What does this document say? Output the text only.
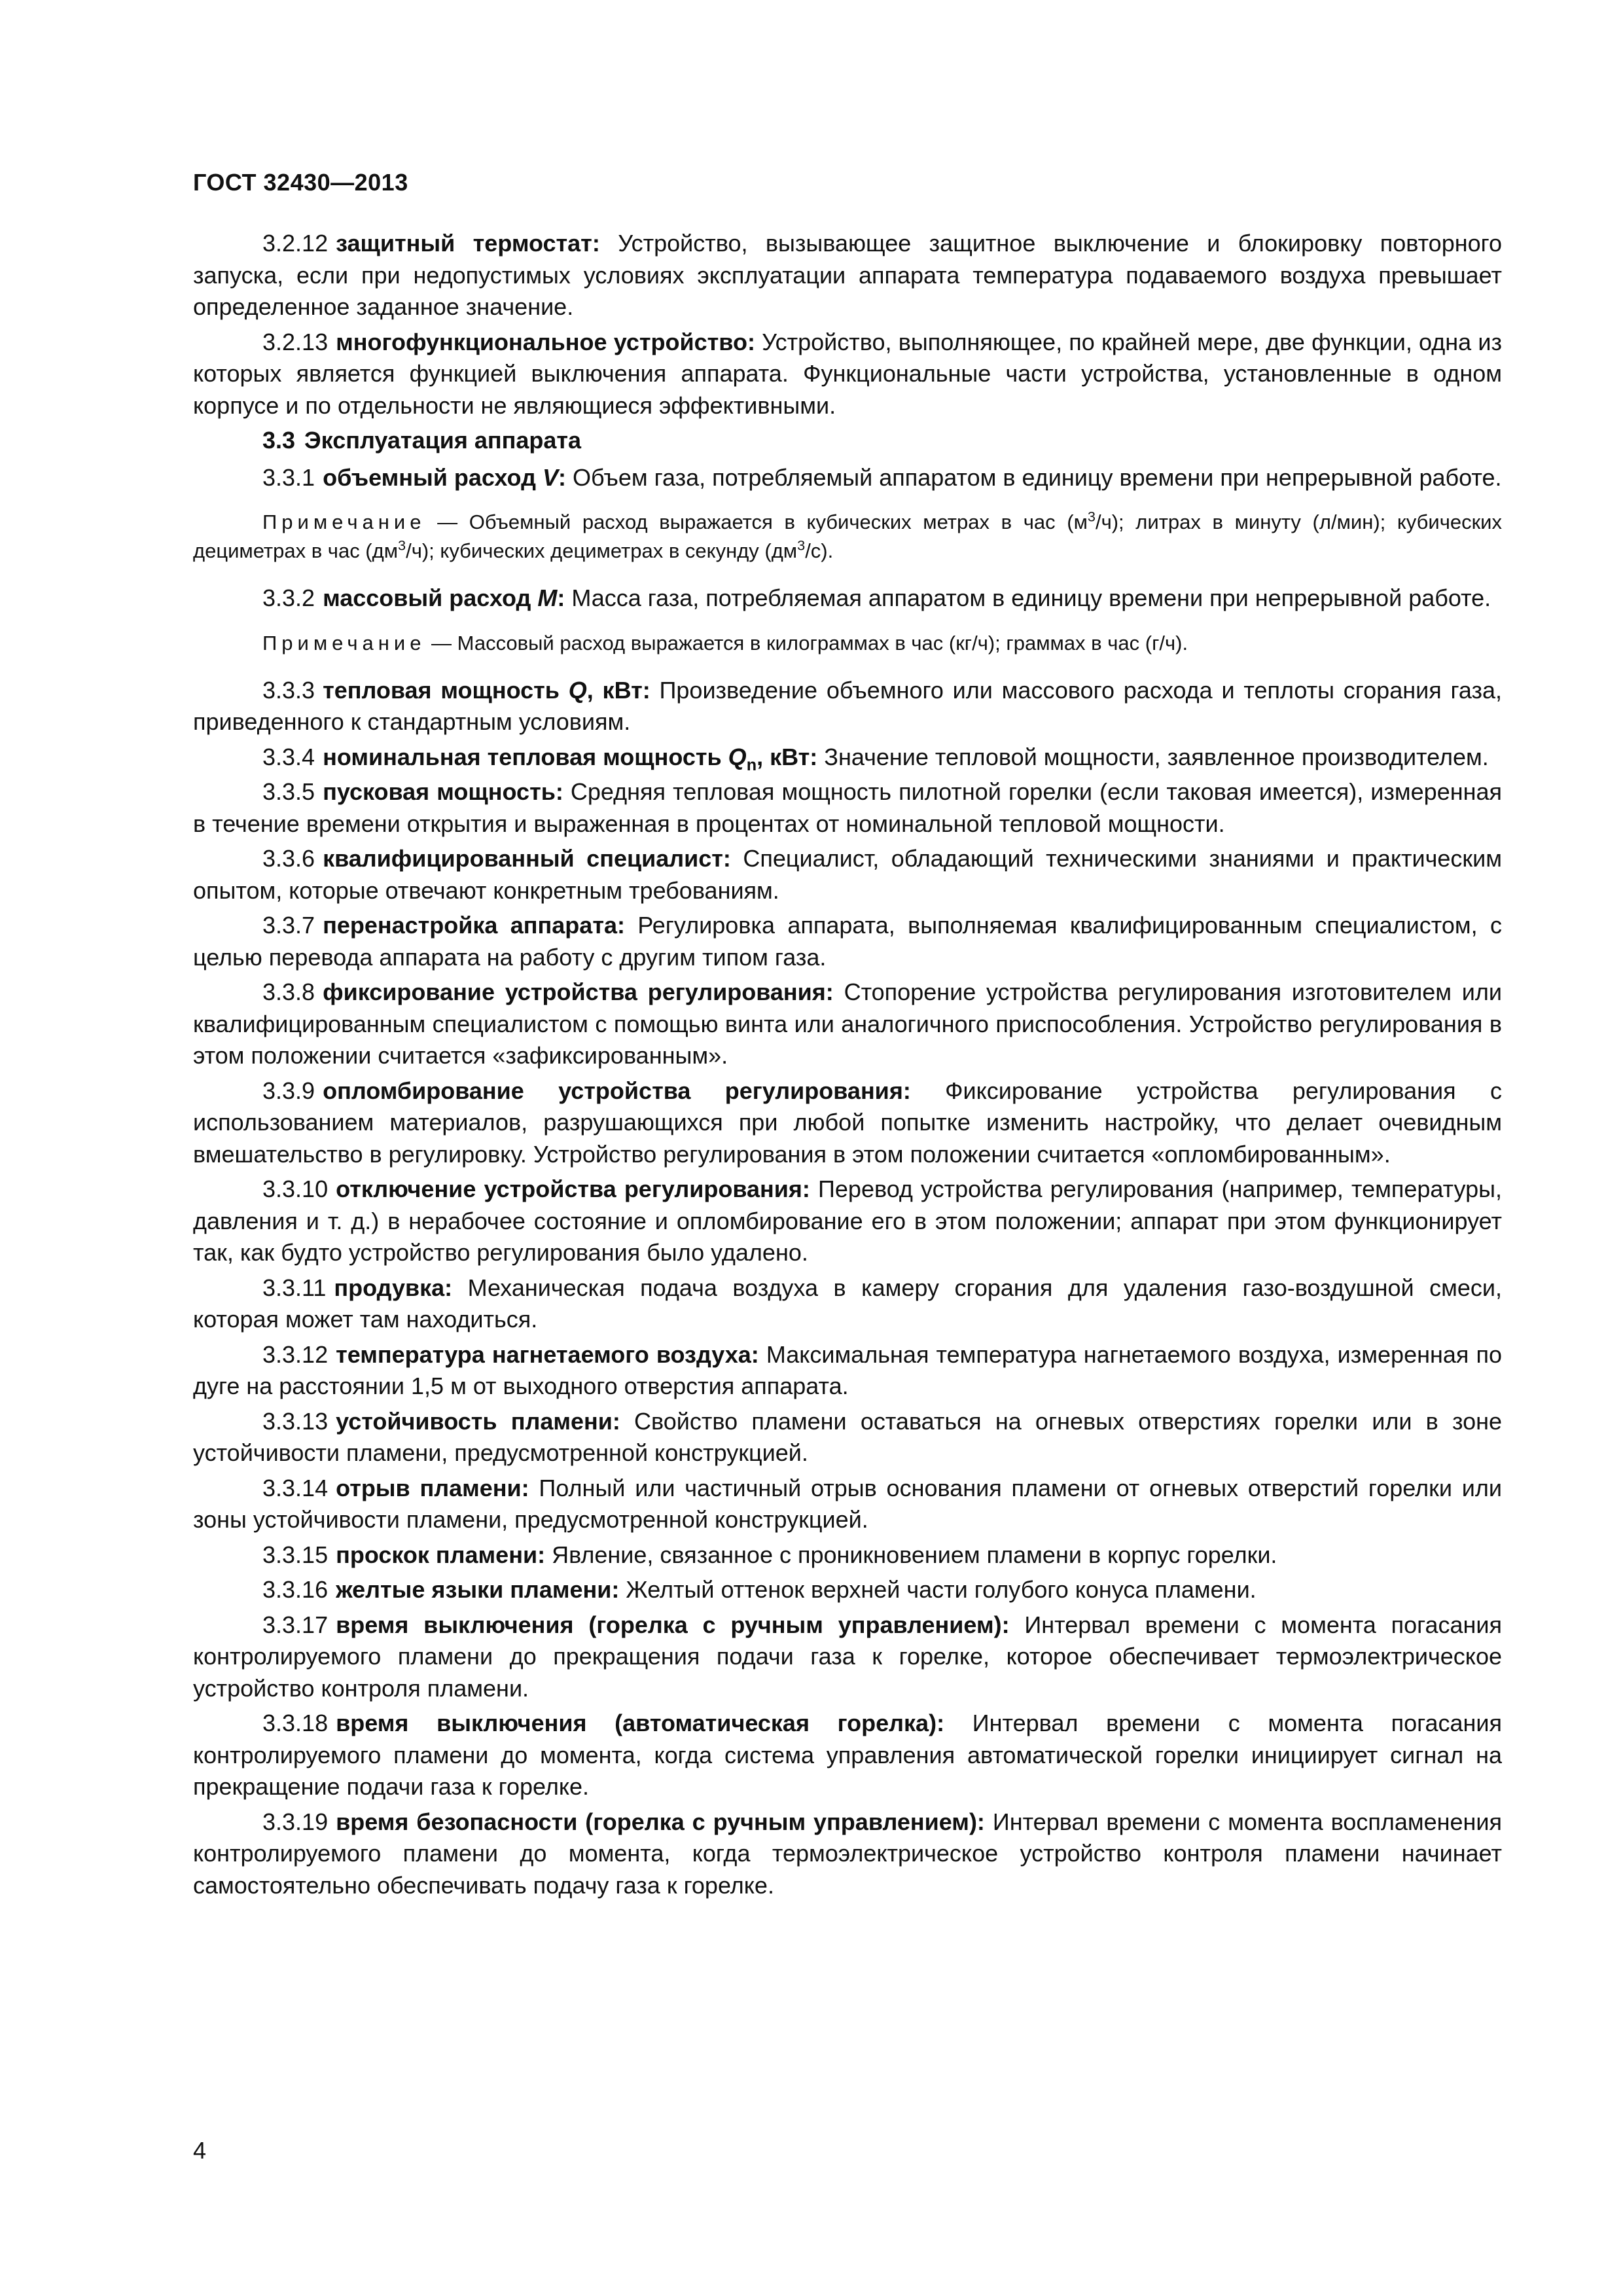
ГОСТ 32430—2013

3.2.12 защитный термостат: Устройство, вызывающее защитное выключение и блокировку повторного запуска, если при недопустимых условиях эксплуатации аппарата температура подаваемого воздуха превышает определенное заданное значение.

3.2.13 многофункциональное устройство: Устройство, выполняющее, по крайней мере, две функции, одна из которых является функцией выключения аппарата. Функциональные части устройства, установленные в одном корпусе и по отдельности не являющиеся эффективными.

3.3 Эксплуатация аппарата

3.3.1 объемный расход V: Объем газа, потребляемый аппаратом в единицу времени при непрерывной работе.

Примечание — Объемный расход выражается в кубических метрах в час $(м^3/ч)$; литрах в минуту (л/мин); кубических дециметрах в час $(дм^3/ч)$; кубических дециметрах в секунду $(дм^3/с)$.

3.3.2 массовый расход M: Масса газа, потребляемая аппаратом в единицу времени при непрерывной работе.

Примечание — Массовый расход выражается в килограммах в час (кг/ч); граммах в час (г/ч).

3.3.3 тепловая мощность Q, кВт: Произведение объемного или массового расхода и теплоты сгорания газа, приведенного к стандартным условиям.

3.3.4 номинальная тепловая мощность $Q_n$, кВт: Значение тепловой мощности, заявленное производителем.

3.3.5 пусковая мощность: Средняя тепловая мощность пилотной горелки (если таковая имеется), измеренная в течение времени открытия и выраженная в процентах от номинальной тепловой мощности.

3.3.6 квалифицированный специалист: Специалист, обладающий техническими знаниями и практическим опытом, которые отвечают конкретным требованиям.

3.3.7 перенастройка аппарата: Регулировка аппарата, выполняемая квалифицированным специалистом, с целью перевода аппарата на работу с другим типом газа.

3.3.8 фиксирование устройства регулирования: Стопорение устройства регулирования изготовителем или квалифицированным специалистом с помощью винта или аналогичного приспособления. Устройство регулирования в этом положении считается «зафиксированным».

3.3.9 опломбирование устройства регулирования: Фиксирование устройства регулирования с использованием материалов, разрушающихся при любой попытке изменить настройку, что делает очевидным вмешательство в регулировку. Устройство регулирования в этом положении считается «опломбированным».

3.3.10 отключение устройства регулирования: Перевод устройства регулирования (например, температуры, давления и т. д.) в нерабочее состояние и опломбирование его в этом положении; аппарат при этом функционирует так, как будто устройство регулирования было удалено.

3.3.11 продувка: Механическая подача воздуха в камеру сгорания для удаления газо-воздушной смеси, которая может там находиться.

3.3.12 температура нагнетаемого воздуха: Максимальная температура нагнетаемого воздуха, измеренная по дуге на расстоянии 1,5 м от выходного отверстия аппарата.

3.3.13 устойчивость пламени: Свойство пламени оставаться на огневых отверстиях горелки или в зоне устойчивости пламени, предусмотренной конструкцией.

3.3.14 отрыв пламени: Полный или частичный отрыв основания пламени от огневых отверстий горелки или зоны устойчивости пламени, предусмотренной конструкцией.

3.3.15 проскок пламени: Явление, связанное с проникновением пламени в корпус горелки.

3.3.16 желтые языки пламени: Желтый оттенок верхней части голубого конуса пламени.

3.3.17 время выключения (горелка с ручным управлением): Интервал времени с момента погасания контролируемого пламени до прекращения подачи газа к горелке, которое обеспечивает термоэлектрическое устройство контроля пламени.

3.3.18 время выключения (автоматическая горелка): Интервал времени с момента погасания контролируемого пламени до момента, когда система управления автоматической горелки инициирует сигнал на прекращение подачи газа к горелке.

3.3.19 время безопасности (горелка с ручным управлением): Интервал времени с момента воспламенения контролируемого пламени до момента, когда термоэлектрическое устройство контроля пламени начинает самостоятельно обеспечивать подачу газа к горелке.

4
